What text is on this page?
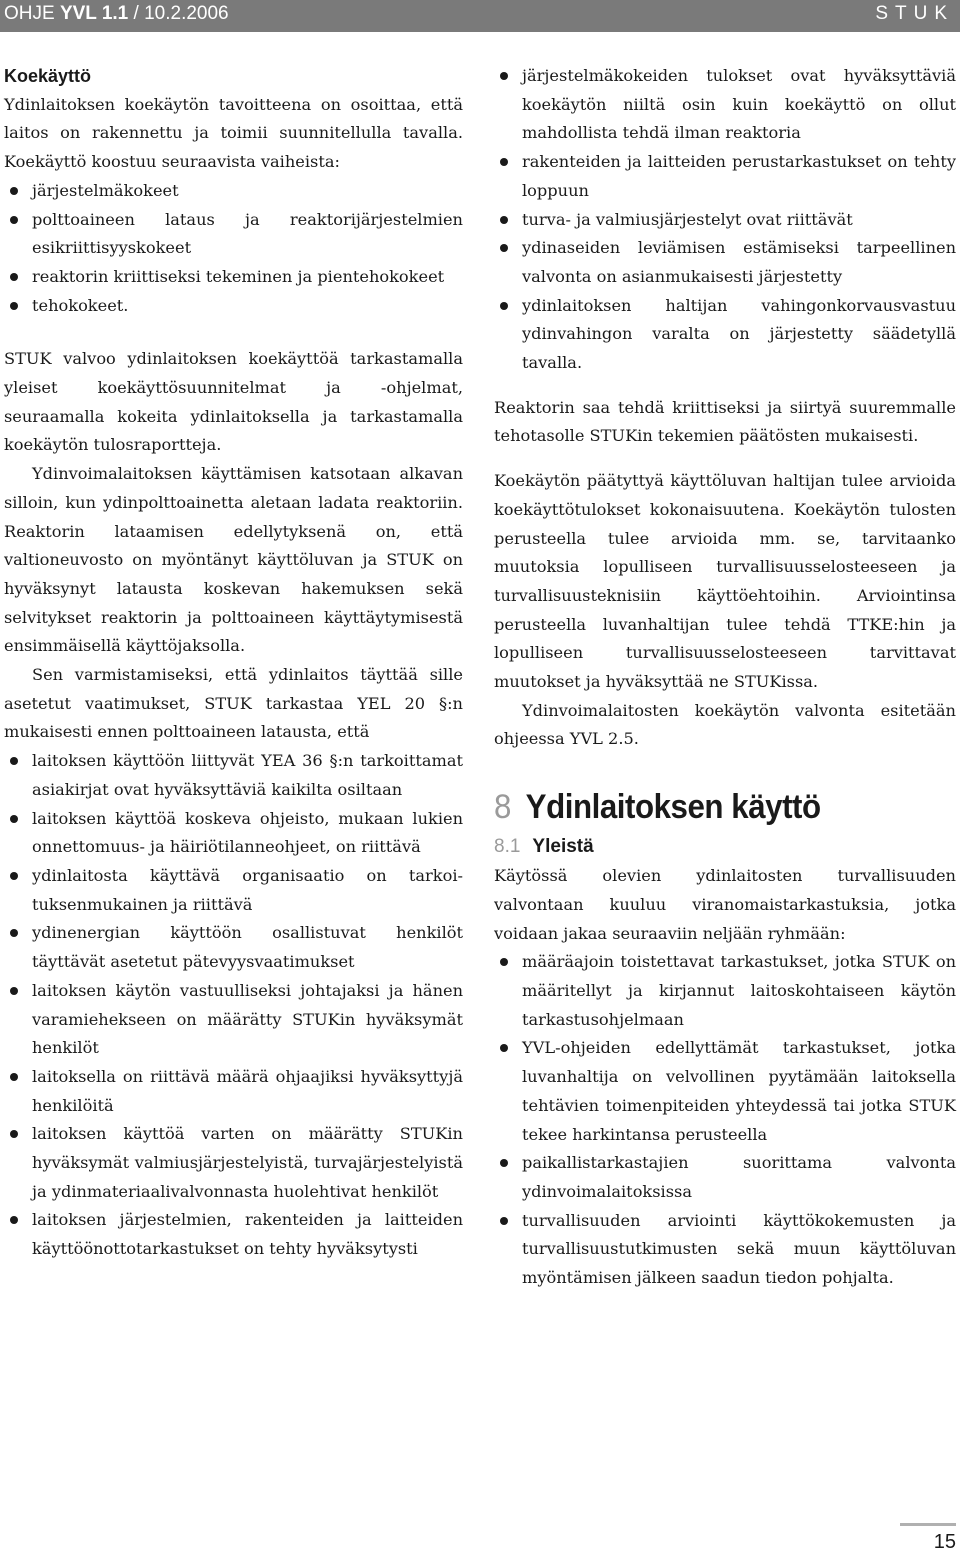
OHJE YVL 1.1 / 10.2.2006	STUK
Koekäyttö

Ydinlaitoksen koekäytön tavoitteena on osoittaa, että laitos on rakennettu ja toimii suunnitellulla tavalla. Koekäyttö koostuu seuraavista vaiheista:

järjestelmäkokeet
polttoaineen lataus ja reaktorijärjestelmien esikriittisyyskokeet
reaktorin kriittiseksi tekeminen ja pientehokokeet
tehokokeet.

STUK valvoo ydinlaitoksen koekäyttöä tarkastamalla yleiset koekäyttösuunnitelmat ja -ohjelmat, seuraamalla kokeita ydinlaitoksella ja tarkastamalla koekäytön tulosraportteja.

Ydinvoimalaitoksen käyttämisen katsotaan alkavan silloin, kun ydinpolttoainetta aletaan ladata reaktoriin. Reaktorin lataamisen edellytyksenä on, että valtioneuvosto on myöntänyt käyttöluvan ja STUK on hyväksynyt latausta koskevan hakemuksen sekä selvitykset reaktorin ja polttoaineen käyttäytymisestä ensimmäisellä käyttöjaksolla.

Sen varmistamiseksi, että ydinlaitos täyttää sille asetetut vaatimukset, STUK tarkastaa YEL 20 §:n mukaisesti ennen polttoaineen latausta, että

laitoksen käyttöön liittyvät YEA 36 §:n tarkoittamat asiakirjat ovat hyväksyttäviä kaikilta osiltaan
laitoksen käyttöä koskeva ohjeisto, mukaan lukien onnettomuus- ja häiriötilanneohjeet, on riittävä
ydinlaitosta käyttävä organisaatio on tarkoituksenmukainen ja riittävä
ydinenergian käyttöön osallistuvat henkilöt täyttävät asetetut pätevyysvaatimukset
laitoksen käytön vastuulliseksi johtajaksi ja hänen varamiehekseen on määrätty STUKin hyväksymät henkilöt
laitoksella on riittävä määrä ohjaajiksi hyväksyttyjä henkilöitä
laitoksen käyttöä varten on määrätty STUKin hyväksymät valmiusjärjestelyistä, turvajärjestelyistä ja ydinmateriaalivalvonnasta huolehtivat henkilöt
laitoksen järjestelmien, rakenteiden ja laitteiden käyttöönottotarkastukset on tehty hyväksytysti
järjestelmäkokeiden tulokset ovat hyväksyttäviä koekäytön niiltä osin kuin koekäyttö on ollut mahdollista tehdä ilman reaktoria
rakenteiden ja laitteiden perustarkastukset on tehty loppuun
turva- ja valmiusjärjestelyt ovat riittävät
ydinaseiden leviämisen estämiseksi tarpeellinen valvonta on asianmukaisesti järjestetty
ydinlaitoksen haltijan vahingonkorvausvastuu ydinvahingon varalta on järjestetty säädetyllä tavalla.

Reaktorin saa tehdä kriittiseksi ja siirtyä suuremmalle tehotasolle STUKin tekemien päätösten mukaisesti.

Koekäytön päätyttyä käyttöluvan haltijan tulee arvioida koekäyttötulokset kokonaisuutena. Koekäytön tulosten perusteella tulee arvioida mm. se, tarvitaanko muutoksia lopulliseen turvallisuusselosteeseen ja turvallisuusteknisiin käyttöehtoihin. Arviointinsa perusteella luvanhaltijan tulee tehdä TTKE:hin ja lopulliseen turvallisuusselosteeseen tarvittavat muutokset ja hyväksyttää ne STUKissa.

Ydinvoimalaitosten koekäytön valvonta esitetään ohjeessa YVL 2.5.

8 Ydinlaitoksen käyttö
8.1 Yleistä

Käytössä olevien ydinlaitosten turvallisuuden valvontaan kuuluu viranomaistarkastuksia, jotka voidaan jakaa seuraaviin neljään ryhmään:

määräajoin toistettavat tarkastukset, jotka STUK on määritellyt ja kirjannut laitoskohtaiseen käytön tarkastusohjelmaan
YVL-ohjeiden edellyttämät tarkastukset, jotka luvanhaltija on velvollinen pyytämään laitoksella tehtävien toimenpiteiden yhteydessä tai jotka STUK tekee harkintansa perusteella
paikallistarkastajien suorittama valvonta ydinvoimalaitoksissa
turvallisuuden arviointi käyttökokemusten ja turvallisuustutkimusten sekä muun käyttöluvan myöntämisen jälkeen saadun tiedon pohjalta.
15
